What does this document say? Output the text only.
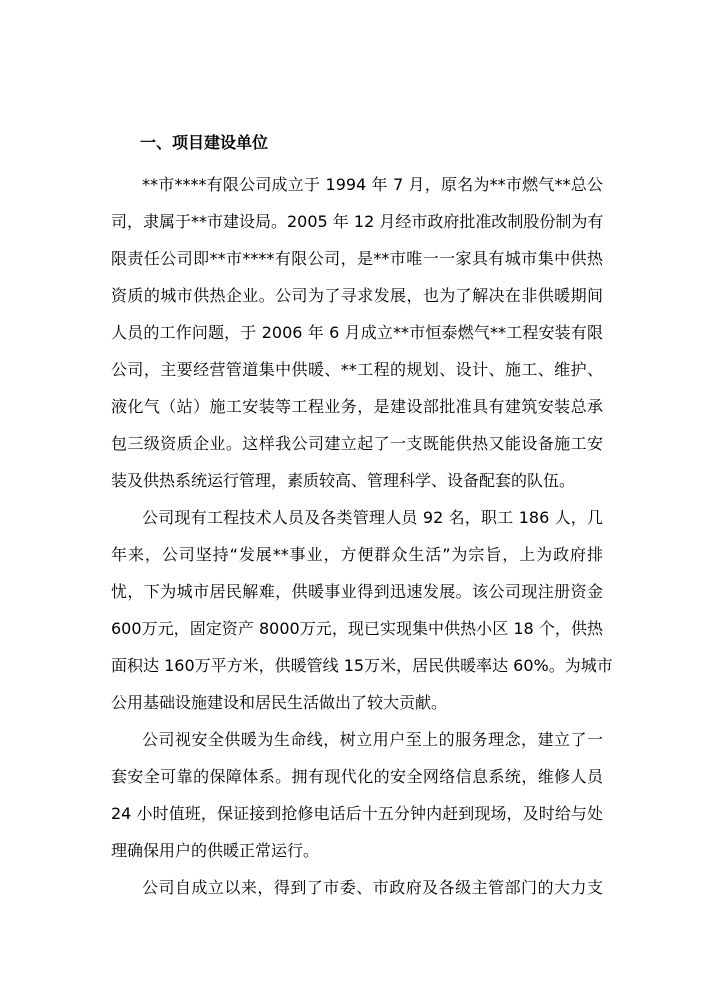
一、项目建设单位
**市****有限公司成立于 1994 年 7 月，原名为**市燃气**总公
司，隶属于**市建设局。2005 年 12 月经市政府批准改制股份制为有
限责任公司即**市****有限公司，是**市唯一一家具有城市集中供热
资质的城市供热企业。公司为了寻求发展，也为了解决在非供暖期间
人员的工作问题，于 2006 年 6 月成立**市恒泰燃气**工程安装有限
公司，主要经营管道集中供暖、**工程的规划、设计、施工、维护、
液化气（站）施工安装等工程业务，是建设部批准具有建筑安装总承
包三级资质企业。这样我公司建立起了一支既能供热又能设备施工安
装及供热系统运行管理，素质较高、管理科学、设备配套的队伍。
公司现有工程技术人员及各类管理人员 92 名，职工 186 人，几
年来，公司坚持“发展**事业，方便群众生活”为宗旨，上为政府排
忧，下为城市居民解难，供暖事业得到迅速发展。该公司现注册资金
600万元，固定资产 8000万元，现已实现集中供热小区 18 个，供热
面积达 160万平方米，供暖管线 15万米，居民供暖率达 60%。为城市
公用基础设施建设和居民生活做出了较大贡献。
公司视安全供暖为生命线，树立用户至上的服务理念，建立了一
套安全可靠的保障体系。拥有现代化的安全网络信息系统，维修人员
24 小时值班，保证接到抢修电话后十五分钟内赶到现场，及时给与处
理确保用户的供暖正常运行。
公司自成立以来，得到了市委、市政府及各级主管部门的大力支
